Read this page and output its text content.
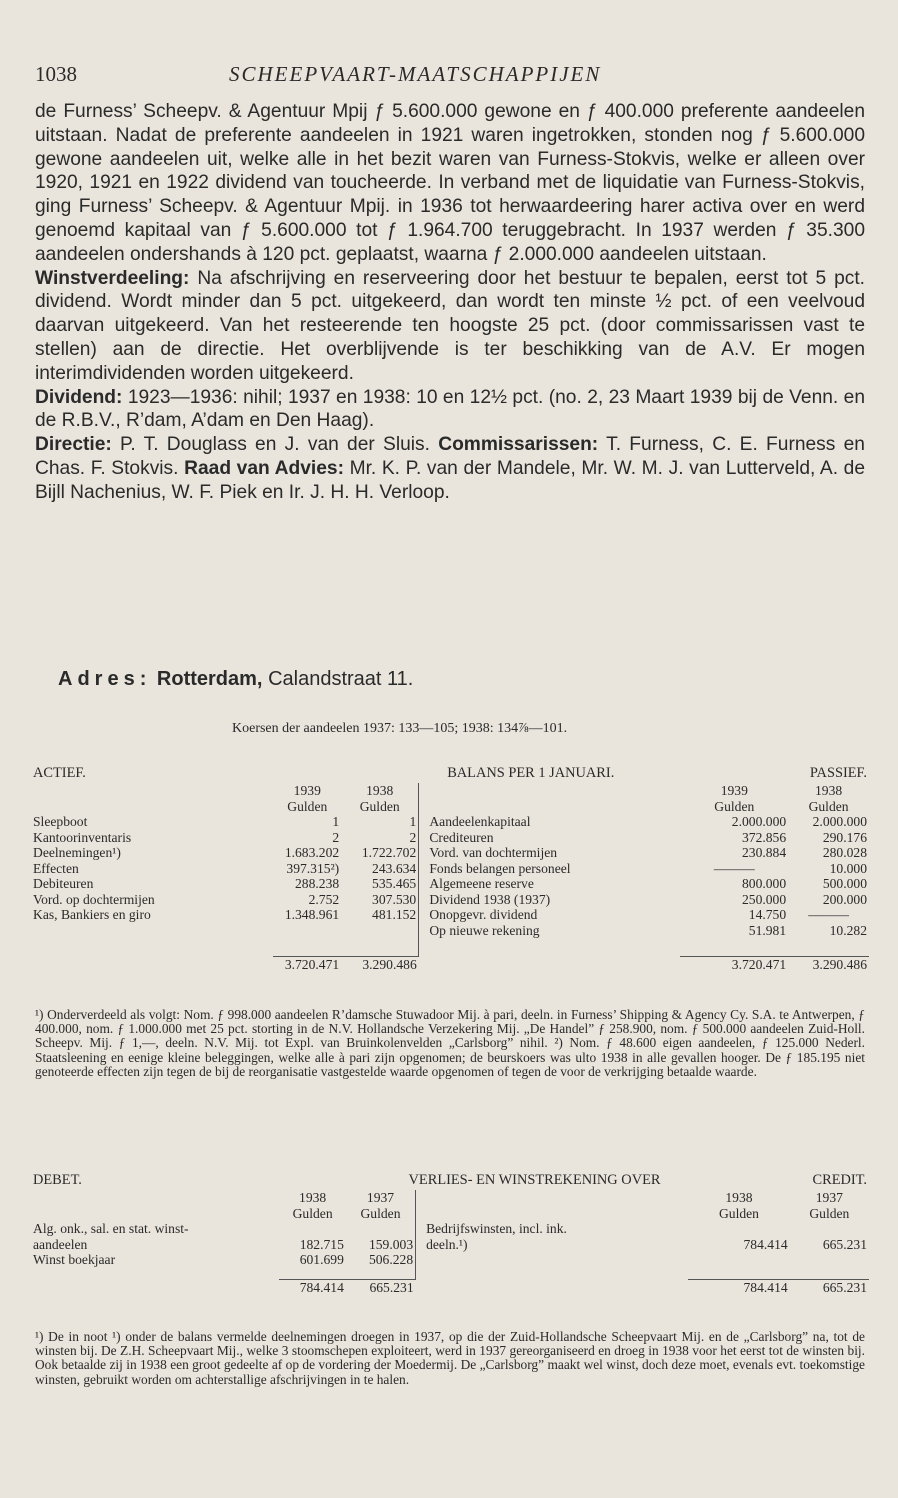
1038	SCHEEPVAART-MAATSCHAPPIJEN

de Furness’ Scheepv. & Agentuur Mpij ƒ 5.600.000 gewone en ƒ 400.000 preferente aandeelen uitstaan. Nadat de preferente aandeelen in 1921 waren ingetrokken, stonden nog ƒ 5.600.000 gewone aandeelen uit, welke alle in het bezit waren van Furness-Stokvis, welke er alleen over 1920, 1921 en 1922 dividend van toucheerde. In verband met de liquidatie van Furness-Stokvis, ging Furness’ Scheepv. & Agentuur Mpij. in 1936 tot herwaardeering harer activa over en werd genoemd kapitaal van ƒ 5.600.000 tot ƒ 1.964.700 teruggebracht. In 1937 werden ƒ 35.300 aandeelen ondershands à 120 pct. geplaatst, waarna ƒ 2.000.000 aandeelen uitstaan.

Winstverdeeling: Na afschrijving en reserveering door het bestuur te bepalen, eerst tot 5 pct. dividend. Wordt minder dan 5 pct. uitgekeerd, dan wordt ten minste ½ pct. of een veelvoud daarvan uitgekeerd. Van het resteerende ten hoogste 25 pct. (door commissarissen vast te stellen) aan de directie. Het overblijvende is ter beschikking van de A.V. Er mogen interimdividenden worden uitgekeerd.

Dividend: 1923—1936: nihil; 1937 en 1938: 10 en 12½ pct. (no. 2, 23 Maart 1939 bij de Venn. en de R.B.V., R’dam, A’dam en Den Haag).

Directie: P. T. Douglass en J. van der Sluis. Commissarissen: T. Furness, C. E. Furness en Chas. F. Stokvis. Raad van Advies: Mr. K. P. van der Mandele, Mr. W. M. J. van Lutterveld, A. de Bijll Nachenius, W. F. Piek en Ir. J. H. H. Verloop.

Adres: Rotterdam, Calandstraat 11.
Koersen der aandeelen 1937: 133—105; 1938: 134⅞—101.
ACTIEF.	BALANS PER 1 JANUARI.					PASSIEF.
	1939	1938			1939	1938
	Gulden	Gulden			Gulden	Gulden
Sleepboot	1	1		Aandeelenkapitaal	2.000.000	2.000.000
Kantoorinventaris	2	2		Crediteuren	372.856	290.176
Deelnemingen¹)	1.683.202	1.722.702		Vord. van dochtermijen	230.884	280.028
Effecten	397.315²)	243.634		Fonds belangen personeel	———	10.000
Debiteuren	288.238	535.465		Algemeene reserve	800.000	500.000
Vord. op dochtermijen	2.752	307.530		Dividend 1938 (1937)	250.000	200.000
Kas, Bankiers en giro	1.348.961	481.152		Onopgevr. dividend	14.750	———
				Op nieuwe rekening	51.981	10.282

	3.720.471	3.290.486			3.720.471	3.290.486
¹) Onderverdeeld als volgt: Nom. ƒ 998.000 aandeelen R’damsche Stuwadoor Mij. à pari, deeln. in Furness’ Shipping & Agency Cy. S.A. te Antwerpen, ƒ 400.000, nom. ƒ 1.000.000 met 25 pct. storting in de N.V. Hollandsche Verzekering Mij. „De Handel” ƒ 258.900, nom. ƒ 500.000 aandeelen Zuid-Holl. Scheepv. Mij. ƒ 1,—, deeln. N.V. Mij. tot Expl. van Bruinkolenvelden „Carlsborg” nihil. ²) Nom. ƒ 48.600 eigen aandeelen, ƒ 125.000 Nederl. Staatsleening en eenige kleine beleggingen, welke alle à pari zijn opgenomen; de beurskoers was ulto 1938 in alle gevallen hooger. De ƒ 185.195 niet genoteerde effecten zijn tegen de bij de reorganisatie vastgestelde waarde opgenomen of tegen de voor de verkrijging betaalde waarde.
DEBET.	VERLIES- EN WINSTREKENING OVER					CREDIT.
	1938	1937			1938	1937
	Gulden	Gulden			Gulden	Gulden
Alg. onk., sal. en stat. winst-				Bedrijfswinsten, incl. ink.		
aandeelen	182.715	159.003		deeln.¹)	784.414	665.231
Winst boekjaar	601.699	506.228				

	784.414	665.231			784.414	665.231
¹) De in noot ¹) onder de balans vermelde deelnemingen droegen in 1937, op die der Zuid-Hollandsche Scheepvaart Mij. en de „Carlsborg” na, tot de winsten bij. De Z.H. Scheepvaart Mij., welke 3 stoomschepen exploiteert, werd in 1937 gereorganiseerd en droeg in 1938 voor het eerst tot de winsten bij. Ook betaalde zij in 1938 een groot gedeelte af op de vordering der Moedermij. De „Carlsborg” maakt wel winst, doch deze moet, evenals evt. toekomstige winsten, gebruikt worden om achterstallige afschrijvingen in te halen.
